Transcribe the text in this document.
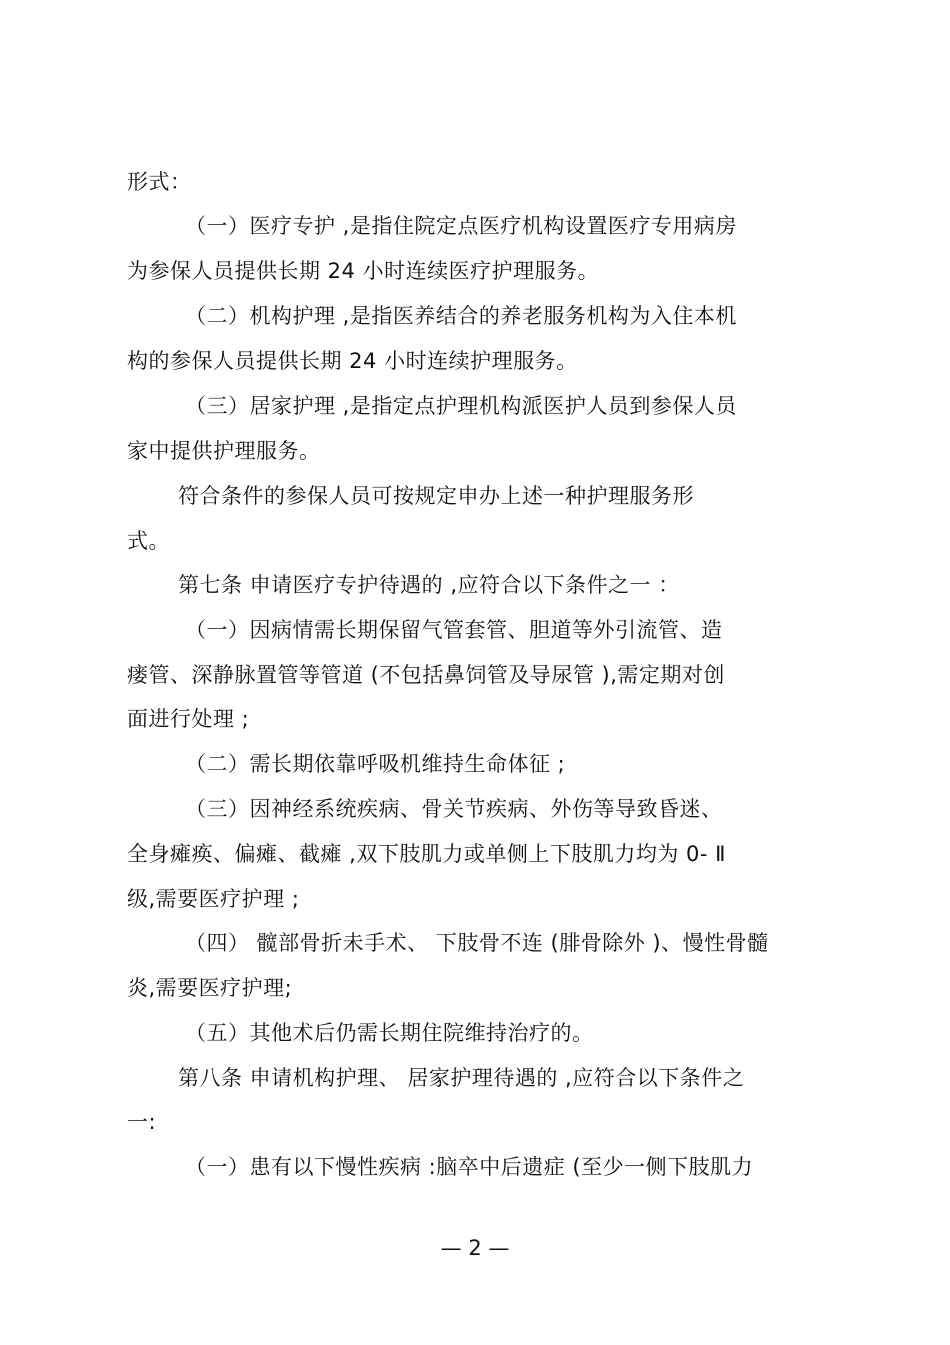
形式：
（一）医疗专护 ,是指住院定点医疗机构设置医疗专用病房
为参保人员提供长期 24 小时连续医疗护理服务。
（二）机构护理 ,是指医养结合的养老服务机构为入住本机
构的参保人员提供长期 24 小时连续护理服务。
（三）居家护理 ,是指定点护理机构派医护人员到参保人员
家中提供护理服务。
符合条件的参保人员可按规定申办上述一种护理服务形
式。
第七条 申请医疗专护待遇的 ,应符合以下条件之一 ：
（一）因病情需长期保留气管套管、胆道等外引流管、造
瘘管、深静脉置管等管道 (不包括鼻饲管及导尿管 ),需定期对创
面进行处理 ;
（二）需长期依靠呼吸机维持生命体征 ;
（三）因神经系统疾病、骨关节疾病、外伤等导致昏迷、
全身瘫痪、偏瘫、截瘫 ,双下肢肌力或单侧上下肢肌力均为 0- Ⅱ
级,需要医疗护理 ;
（四） 髋部骨折未手术、 下肢骨不连 (腓骨除外 )、慢性骨髓
炎,需要医疗护理;
（五）其他术后仍需长期住院维持治疗的。
第八条 申请机构护理、 居家护理待遇的 ,应符合以下条件之
一:
（一）患有以下慢性疾病 :脑卒中后遗症 (至少一侧下肢肌力
— 2 —
